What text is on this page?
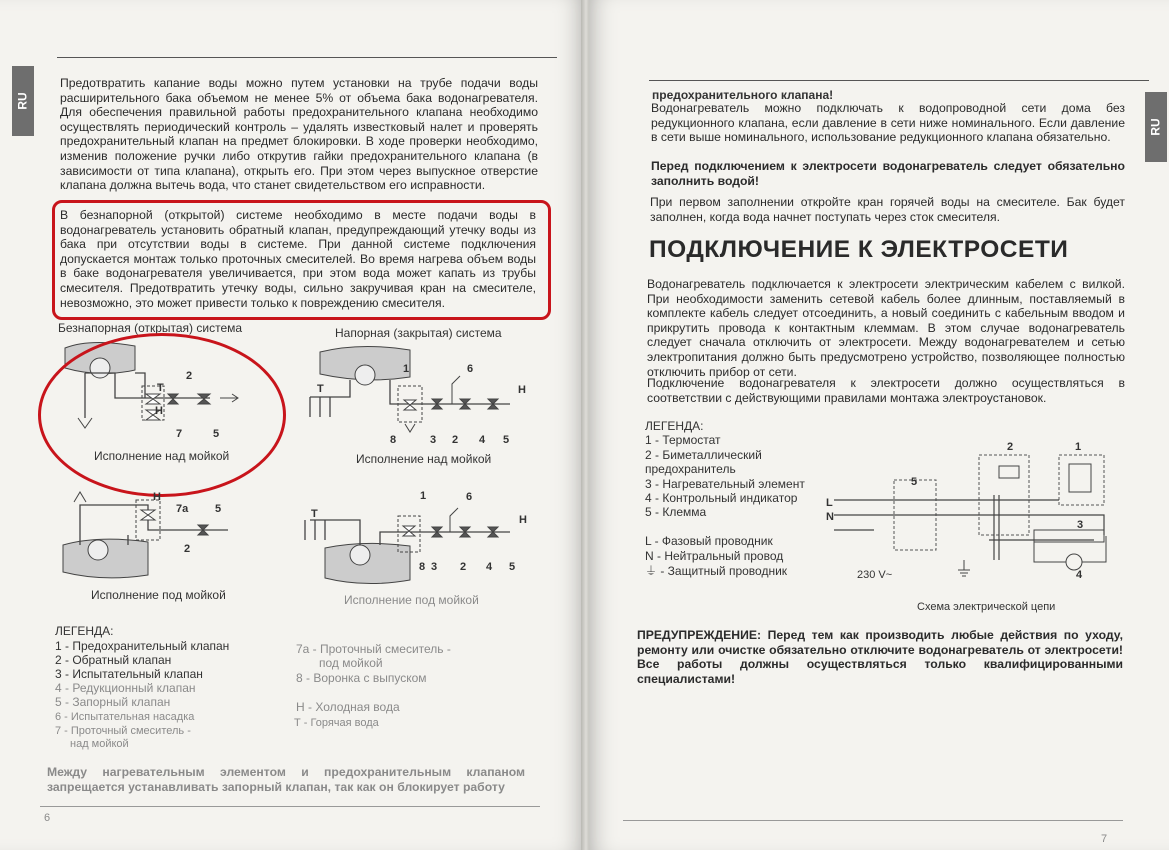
RU

Предотвратить капание воды можно путем установки на трубе подачи воды расширительного бака объемом не менее 5% от объема бака водонагревателя. Для обеспечения правильной работы предохранительного клапана необходимо осуществлять периодический контроль – удалять известковый налет и проверять предохранительный клапан на предмет блокировки. В ходе проверки необходимо, изменив положение ручки либо открутив гайки предохранительного клапана (в зависимости от типа клапана), открыть его. При этом через выпускное отверстие клапана должна вытечь вода, что станет свидетельством его исправности.

В безнапорной (открытой) системе необходимо в месте подачи воды в водонагреватель установить обратный клапан, предупреждающий утечку воды из бака при отсутствии воды в системе. При данной системе подключения допускается монтаж только проточных смесителей. Во время нагрева объем воды в баке водонагревателя увеличивается, при этом вода может капать из трубы смесителя. Предотвратить утечку воды, сильно закручивая кран на смесителе, невозможно, это может привести только к повреждению смесителя.

Безнапорная (открытая) система	Напорная (закрытая) система
Т
Н
2
7	5
Исполнение над мойкой
Т	Н
1	6
8	3 2 4 5
Исполнение над мойкой
Н
7а 5
2
Исполнение под мойкой
Т	Н
1	6
8 3 2 4 5
Исполнение под мойкой
ЛЕГЕНДА:
1 - Предохранительный клапан
2 - Обратный клапан
3 - Испытательный клапан
4 - Редукционный клапан
5 - Запорный клапан
6 - Испытательная насадка
7 - Проточный смеситель -
над мойкой
7а - Проточный смеситель -
под мойкой
8 - Воронка с выпуском
Н - Холодная вода
Т - Горячая вода

Между нагревательным элементом и предохранительным клапаном запрещается устанавливать запорный клапан, так как он блокирует работу

6
RU
предохранительного клапана!

Водонагреватель можно подключать к водопроводной сети дома без редукционного клапана, если давление в сети ниже номинального. Если давление в сети выше номинального, использование редукционного клапана обязательно.

Перед подключением к электросети водонагреватель следует обязательно заполнить водой!

При первом заполнении откройте кран горячей воды на смесителе. Бак будет заполнен, когда вода начнет поступать через сток смесителя.

ПОДКЛЮЧЕНИЕ К ЭЛЕКТРОСЕТИ

Водонагреватель подключается к электросети электрическим кабелем с вилкой. При необходимости заменить сетевой кабель более длинным, поставляемый в комплекте кабель следует отсоединить, а новый соединить с кабельным вводом и прикрутить провода к контактным клеммам. В этом случае водонагреватель следует сначала отключить от электросети. Между водонагревателем и сетью электропитания должно быть предусмотрено устройство, позволяющее полностью отключить прибор от сети.

Подключение водонагревателя к электросети должно осуществляться в соответствии с действующими правилами монтажа электроустановок.

ЛЕГЕНДА:
1 - Термостат
2 - Биметаллический
предохранитель
3 - Нагревательный элемент
4 - Контрольный индикатор
5 - Клемма
L - Фазовый проводник
N - Нейтральный провод
⏚ - Защитный проводник
L
N
230 V~
1
2
3
4
5
Схема электрической цепи

ПРЕДУПРЕЖДЕНИЕ: Перед тем как производить любые действия по уходу, ремонту или очистке обязательно отключите водонагреватель от электросети! Все работы должны осуществляться только квалифицированными специалистами!

7
